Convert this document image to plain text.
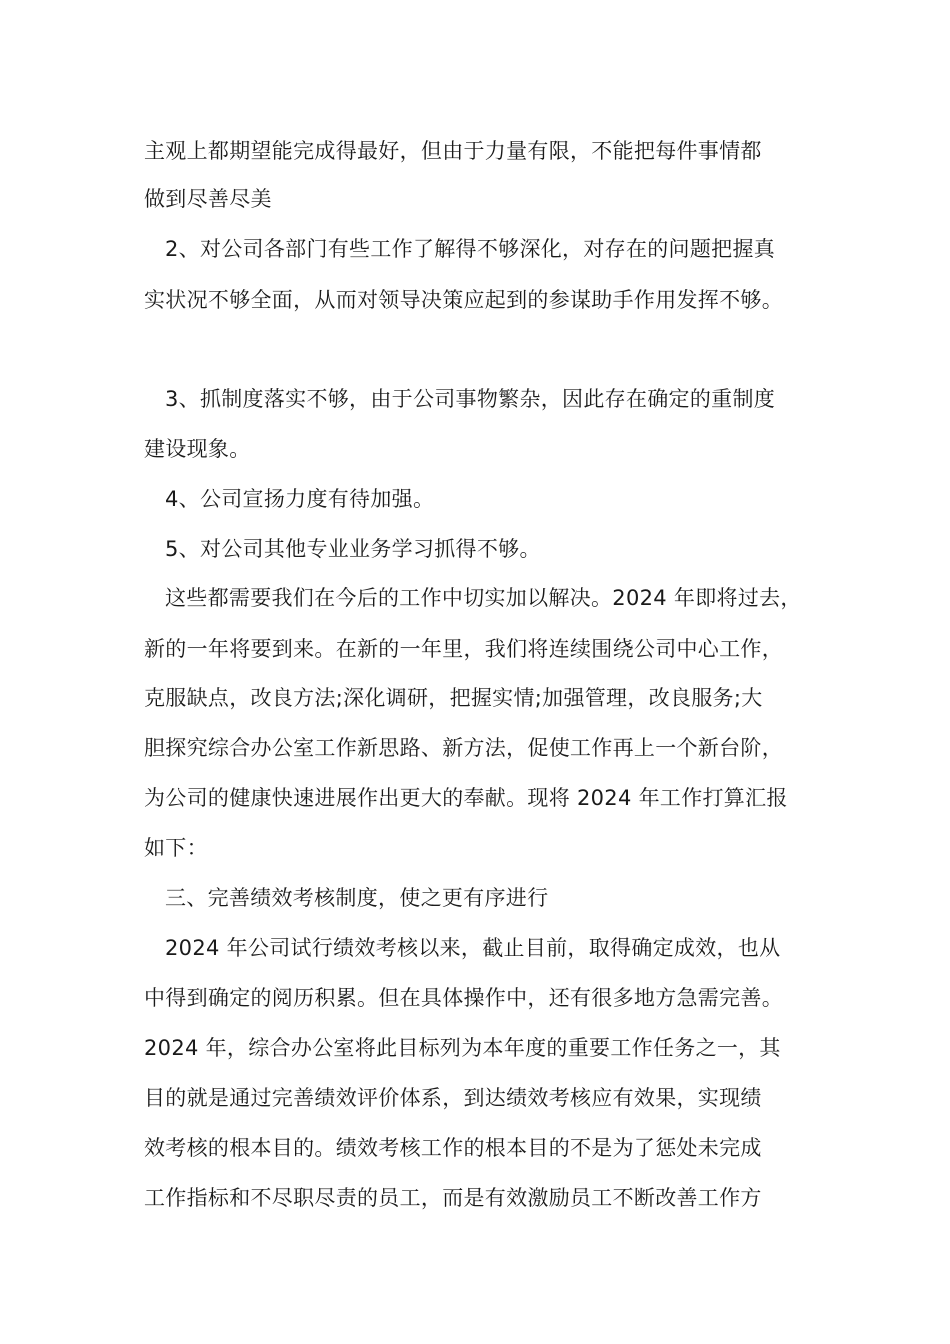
主观上都期望能完成得最好，但由于力量有限，不能把每件事情都
做到尽善尽美
2、对公司各部门有些工作了解得不够深化，对存在的问题把握真
实状况不够全面，从而对领导决策应起到的参谋助手作用发挥不够。
3、抓制度落实不够，由于公司事物繁杂，因此存在确定的重制度
建设现象。
4、公司宣扬力度有待加强。
5、对公司其他专业业务学习抓得不够。
这些都需要我们在今后的工作中切实加以解决。2024 年即将过去，
新的一年将要到来。在新的一年里，我们将连续围绕公司中心工作，
克服缺点，改良方法;深化调研，把握实情;加强管理，改良服务;大
胆探究综合办公室工作新思路、新方法，促使工作再上一个新台阶，
为公司的健康快速进展作出更大的奉献。现将 2024 年工作打算汇报
如下：
三、完善绩效考核制度，使之更有序进行
2024 年公司试行绩效考核以来，截止目前，取得确定成效，也从
中得到确定的阅历积累。但在具体操作中，还有很多地方急需完善。
2024 年，综合办公室将此目标列为本年度的重要工作任务之一，其
目的就是通过完善绩效评价体系，到达绩效考核应有效果，实现绩
效考核的根本目的。绩效考核工作的根本目的不是为了惩处未完成
工作指标和不尽职尽责的员工，而是有效激励员工不断改善工作方
